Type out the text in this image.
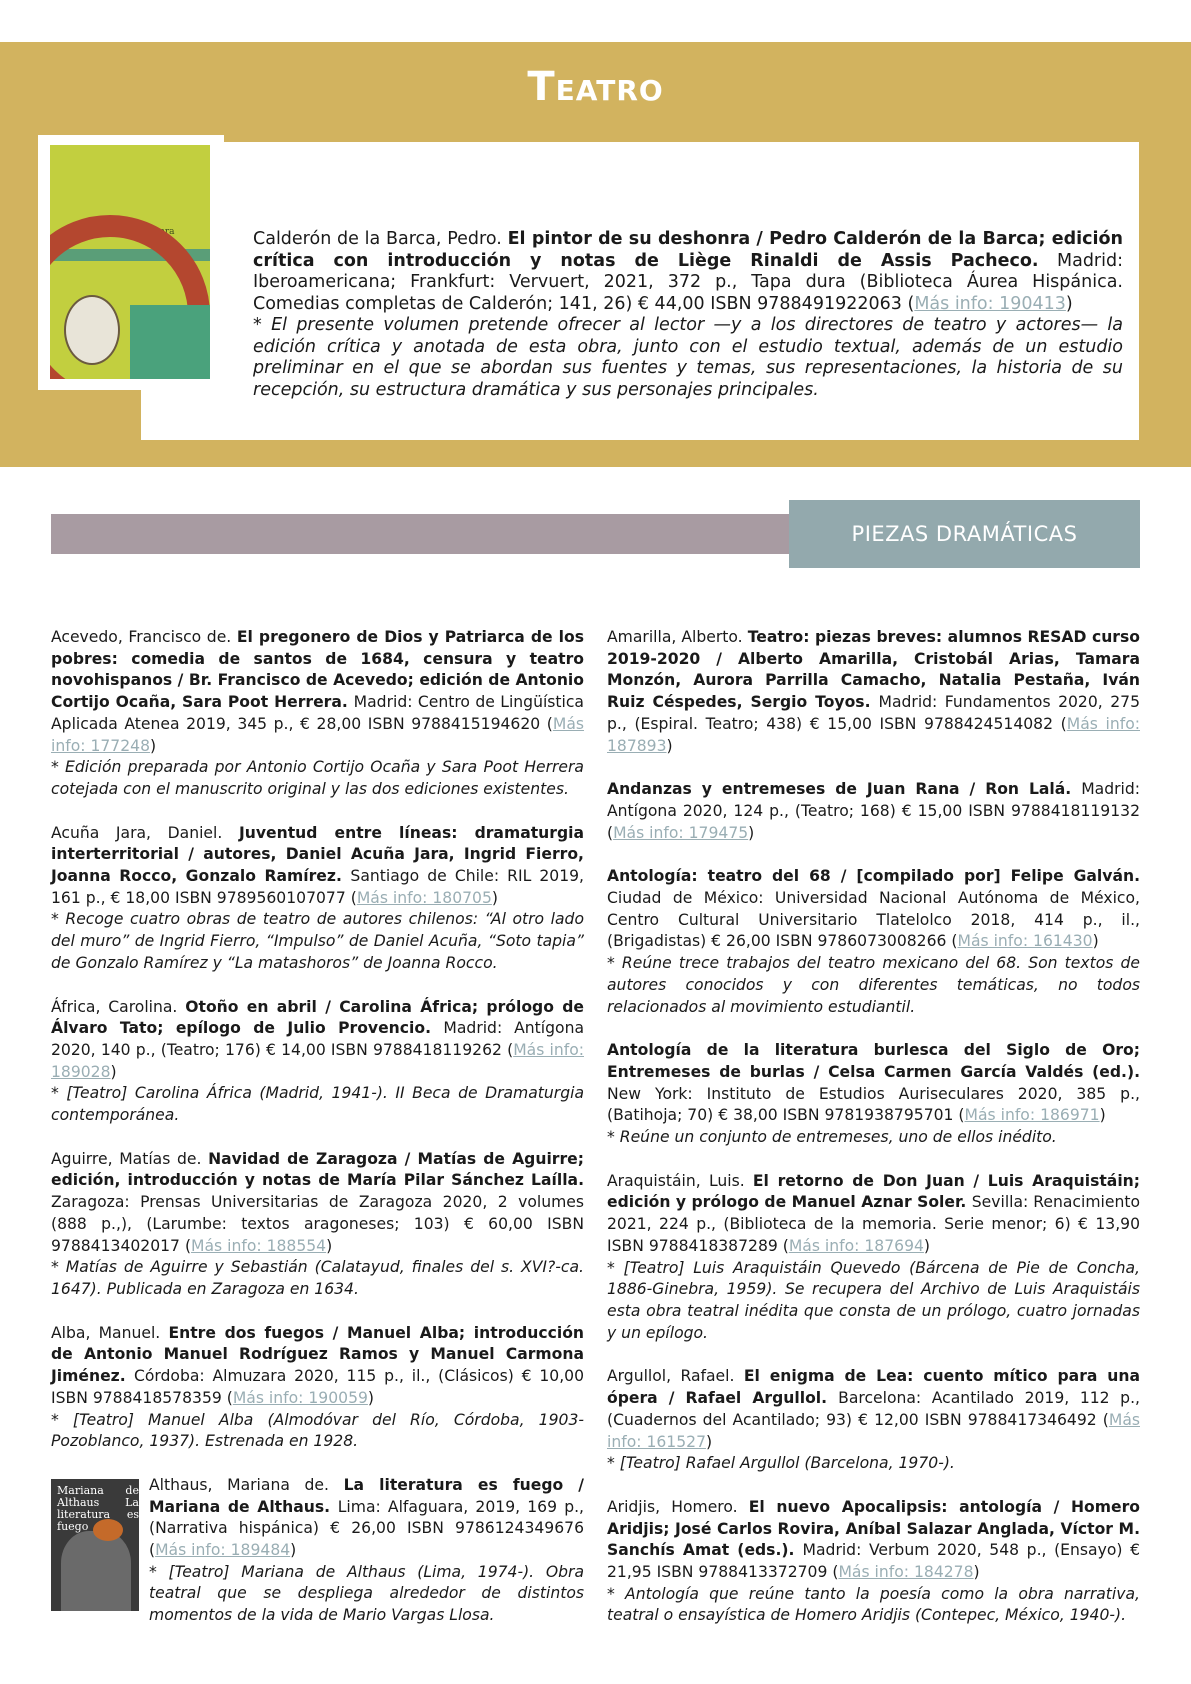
Teatro
info@ibero-americana.net
www.iberoamericana-vervuert.es
El pintor de su deshonra	Calderón de la Barca, Pedro. El pintor de su deshonra / Pedro Calderón de la Barca; edición crítica con introducción y notas de Liège Rinaldi de Assis Pacheco. Madrid: Iberoamericana; Frankfurt: Vervuert, 2021, 372 p., Tapa dura (Biblioteca Áurea Hispánica. Comedias completas de Calderón; 141, 26) € 44,00 ISBN 9788491922063 (Más info: 190413)
* El presente volumen pretende ofrecer al lector —y a los directores de teatro y actores— la edición crítica y anotada de esta obra, junto con el estudio textual, además de un estudio preliminar en el que se abordan sus fuentes y temas, sus representaciones, la historia de su recepción, su estructura dramática y sus personajes principales.
PIEZAS DRAMÁTICAS
Acevedo, Francisco de. El pregonero de Dios y Patriarca de los pobres: comedia de santos de 1684, censura y teatro novohispanos / Br. Francisco de Acevedo; edición de Antonio Cortijo Ocaña, Sara Poot Herrera. Madrid: Centro de Lingüística Aplicada Atenea 2019, 345 p., € 28,00 ISBN 9788415194620 (Más info: 177248)
* Edición preparada por Antonio Cortijo Ocaña y Sara Poot Herrera cotejada con el manuscrito original y las dos ediciones existentes.
Acuña Jara, Daniel. Juventud entre líneas: dramaturgia interterritorial / autores, Daniel Acuña Jara, Ingrid Fierro, Joanna Rocco, Gonzalo Ramírez. Santiago de Chile: RIL 2019, 161 p., € 18,00 ISBN 9789560107077 (Más info: 180705)
* Recoge cuatro obras de teatro de autores chilenos: “Al otro lado del muro” de Ingrid Fierro, “Impulso” de Daniel Acuña, “Soto tapia” de Gonzalo Ramírez y “La matashoros” de Joanna Rocco.
África, Carolina. Otoño en abril / Carolina África; prólogo de Álvaro Tato; epílogo de Julio Provencio. Madrid: Antígona 2020, 140 p., (Teatro; 176) € 14,00 ISBN 9788418119262 (Más info: 189028)
* [Teatro] Carolina África (Madrid, 1941-). II Beca de Dramaturgia contemporánea.
Aguirre, Matías de. Navidad de Zaragoza / Matías de Aguirre; edición, introducción y notas de María Pilar Sánchez Laílla. Zaragoza: Prensas Universitarias de Zaragoza 2020, 2 volumes (888 p.,), (Larumbe: textos aragoneses; 103) € 60,00 ISBN 9788413402017 (Más info: 188554)
* Matías de Aguirre y Sebastián (Calatayud, finales del s. XVI?-ca. 1647). Publicada en Zaragoza en 1634.
Alba, Manuel. Entre dos fuegos / Manuel Alba; introducción de Antonio Manuel Rodríguez Ramos y Manuel Carmona Jiménez. Córdoba: Almuzara 2020, 115 p., il., (Clásicos) € 10,00 ISBN 9788418578359 (Más info: 190059)
* [Teatro] Manuel Alba (Almodóvar del Río, Córdoba, 1903-Pozoblanco, 1937). Estrenada en 1928.
Mariana de Althaus La literatura es fuego
Althaus, Mariana de. La literatura es fuego / Mariana de Althaus. Lima: Alfaguara, 2019, 169 p., (Narrativa hispánica) € 26,00 ISBN 9786124349676 (Más info: 189484)
* [Teatro] Mariana de Althaus (Lima, 1974-). Obra teatral que se despliega alrededor de distintos momentos de la vida de Mario Vargas Llosa.
Amarilla, Alberto. Teatro: piezas breves: alumnos RESAD curso 2019-2020 / Alberto Amarilla, Cristobál Arias, Tamara Monzón, Aurora Parrilla Camacho, Natalia Pestaña, Iván Ruiz Céspedes, Sergio Toyos. Madrid: Fundamentos 2020, 275 p., (Espiral. Teatro; 438) € 15,00 ISBN 9788424514082 (Más info: 187893)
Andanzas y entremeses de Juan Rana / Ron Lalá. Madrid: Antígona 2020, 124 p., (Teatro; 168) € 15,00 ISBN 9788418119132 (Más info: 179475)
Antología: teatro del 68 / [compilado por] Felipe Galván. Ciudad de México: Universidad Nacional Autónoma de México, Centro Cultural Universitario Tlatelolco 2018, 414 p., il., (Brigadistas) € 26,00 ISBN 9786073008266 (Más info: 161430)
* Reúne trece trabajos del teatro mexicano del 68. Son textos de autores conocidos y con diferentes temáticas, no todos relacionados al movimiento estudiantil.
Antología de la literatura burlesca del Siglo de Oro; Entremeses de burlas / Celsa Carmen García Valdés (ed.). New York: Instituto de Estudios Auriseculares 2020, 385 p., (Batihoja; 70) € 38,00 ISBN 9781938795701 (Más info: 186971)
* Reúne un conjunto de entremeses, uno de ellos inédito.
Araquistáin, Luis. El retorno de Don Juan / Luis Araquistáin; edición y prólogo de Manuel Aznar Soler. Sevilla: Renacimiento 2021, 224 p., (Biblioteca de la memoria. Serie menor; 6) € 13,90 ISBN 9788418387289 (Más info: 187694)
* [Teatro] Luis Araquistáin Quevedo (Bárcena de Pie de Concha, 1886-Ginebra, 1959). Se recupera del Archivo de Luis Araquistáis esta obra teatral inédita que consta de un prólogo, cuatro jornadas y un epílogo.
Argullol, Rafael. El enigma de Lea: cuento mítico para una ópera / Rafael Argullol. Barcelona: Acantilado 2019, 112 p., (Cuadernos del Acantilado; 93) € 12,00 ISBN 9788417346492 (Más info: 161527)
* [Teatro] Rafael Argullol (Barcelona, 1970-).
Aridjis, Homero. El nuevo Apocalipsis: antología / Homero Aridjis; José Carlos Rovira, Aníbal Salazar Anglada, Víctor M. Sanchís Amat (eds.). Madrid: Verbum 2020, 548 p., (Ensayo) € 21,95 ISBN 9788413372709 (Más info: 184278)
* Antología que reúne tanto la poesía como la obra narrativa, teatral o ensayística de Homero Aridjis (Contepec, México, 1940-).
